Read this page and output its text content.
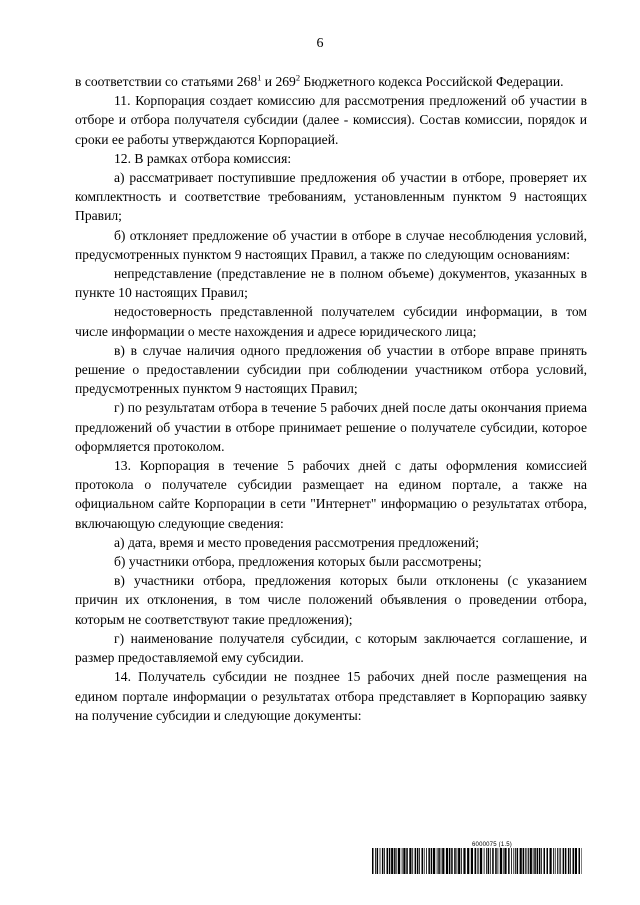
6

в соответствии со статьями $268^1$ и $269^2$ Бюджетного кодекса Российской Федерации.

11. Корпорация создает комиссию для рассмотрения предложений об участии в отборе и отбора получателя субсидии (далее - комиссия). Состав комиссии, порядок и сроки ее работы утверждаются Корпорацией.

12. В рамках отбора комиссия:

а) рассматривает поступившие предложения об участии в отборе, проверяет их комплектность и соответствие требованиям, установленным пунктом 9 настоящих Правил;

б) отклоняет предложение об участии в отборе в случае несоблюдения условий, предусмотренных пунктом 9 настоящих Правил, а также по следующим основаниям:

непредставление (представление не в полном объеме) документов, указанных в пункте 10 настоящих Правил;

недостоверность представленной получателем субсидии информации, в том числе информации о месте нахождения и адресе юридического лица;

в) в случае наличия одного предложения об участии в отборе вправе принять решение о предоставлении субсидии при соблюдении участником отбора условий, предусмотренных пунктом 9 настоящих Правил;

г) по результатам отбора в течение 5 рабочих дней после даты окончания приема предложений об участии в отборе принимает решение о получателе субсидии, которое оформляется протоколом.

13. Корпорация в течение 5 рабочих дней с даты оформления комиссией протокола о получателе субсидии размещает на едином портале, а также на официальном сайте Корпорации в сети "Интернет" информацию о результатах отбора, включающую следующие сведения:

а) дата, время и место проведения рассмотрения предложений;

б) участники отбора, предложения которых были рассмотрены;

в) участники отбора, предложения которых были отклонены (с указанием причин их отклонения, в том числе положений объявления о проведении отбора, которым не соответствуют такие предложения);

г) наименование получателя субсидии, с которым заключается соглашение, и размер предоставляемой ему субсидии.

14. Получатель субсидии не позднее 15 рабочих дней после размещения на едином портале информации о результатах отбора представляет в Корпорацию заявку на получение субсидии и следующие документы:

6000075 (1.5)
